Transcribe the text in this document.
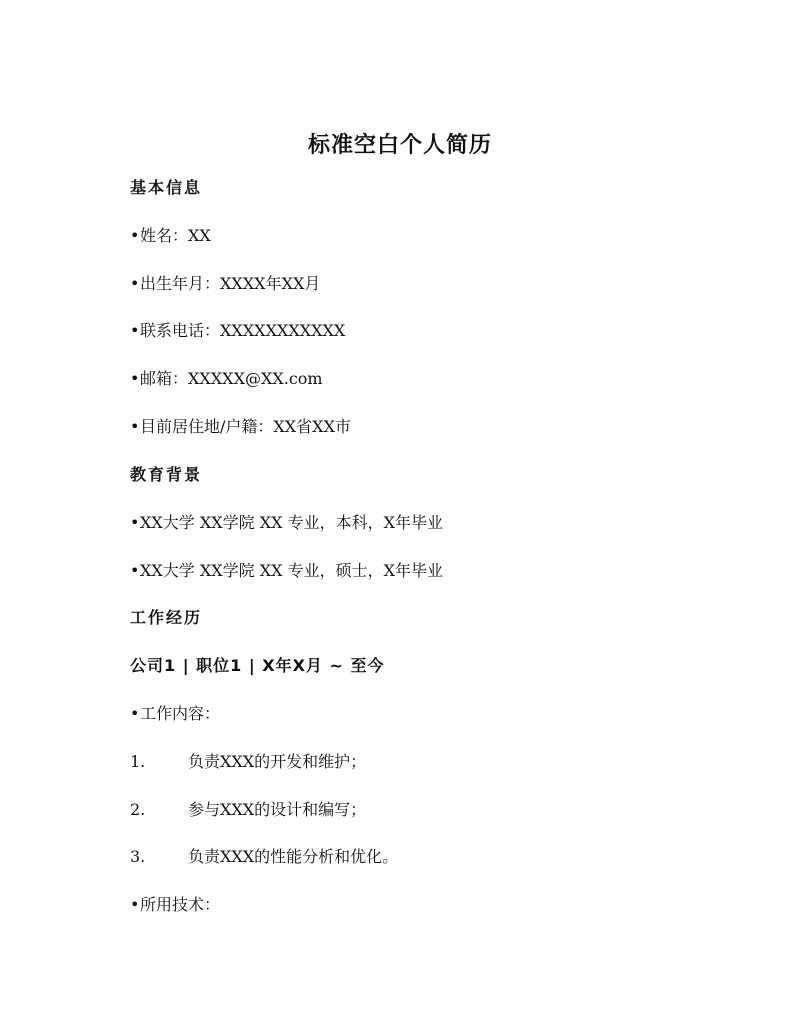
标准空白个人简历
基本信息
•姓名：XX
•出生年月：XXXX年XX月
•联系电话：XXXXXXXXXXX
•邮箱：XXXXX@XX.com
•目前居住地/户籍：XX省XX市
教育背景
•XX大学 XX学院 XX 专业，本科，X年毕业
•XX大学 XX学院 XX 专业，硕士，X年毕业
工作经历
公司1 | 职位1 | X年X月 ~ 至今
•工作内容：
1.	负责XXX的开发和维护；
2.	参与XXX的设计和编写；
3.	负责XXX的性能分析和优化。
•所用技术：
